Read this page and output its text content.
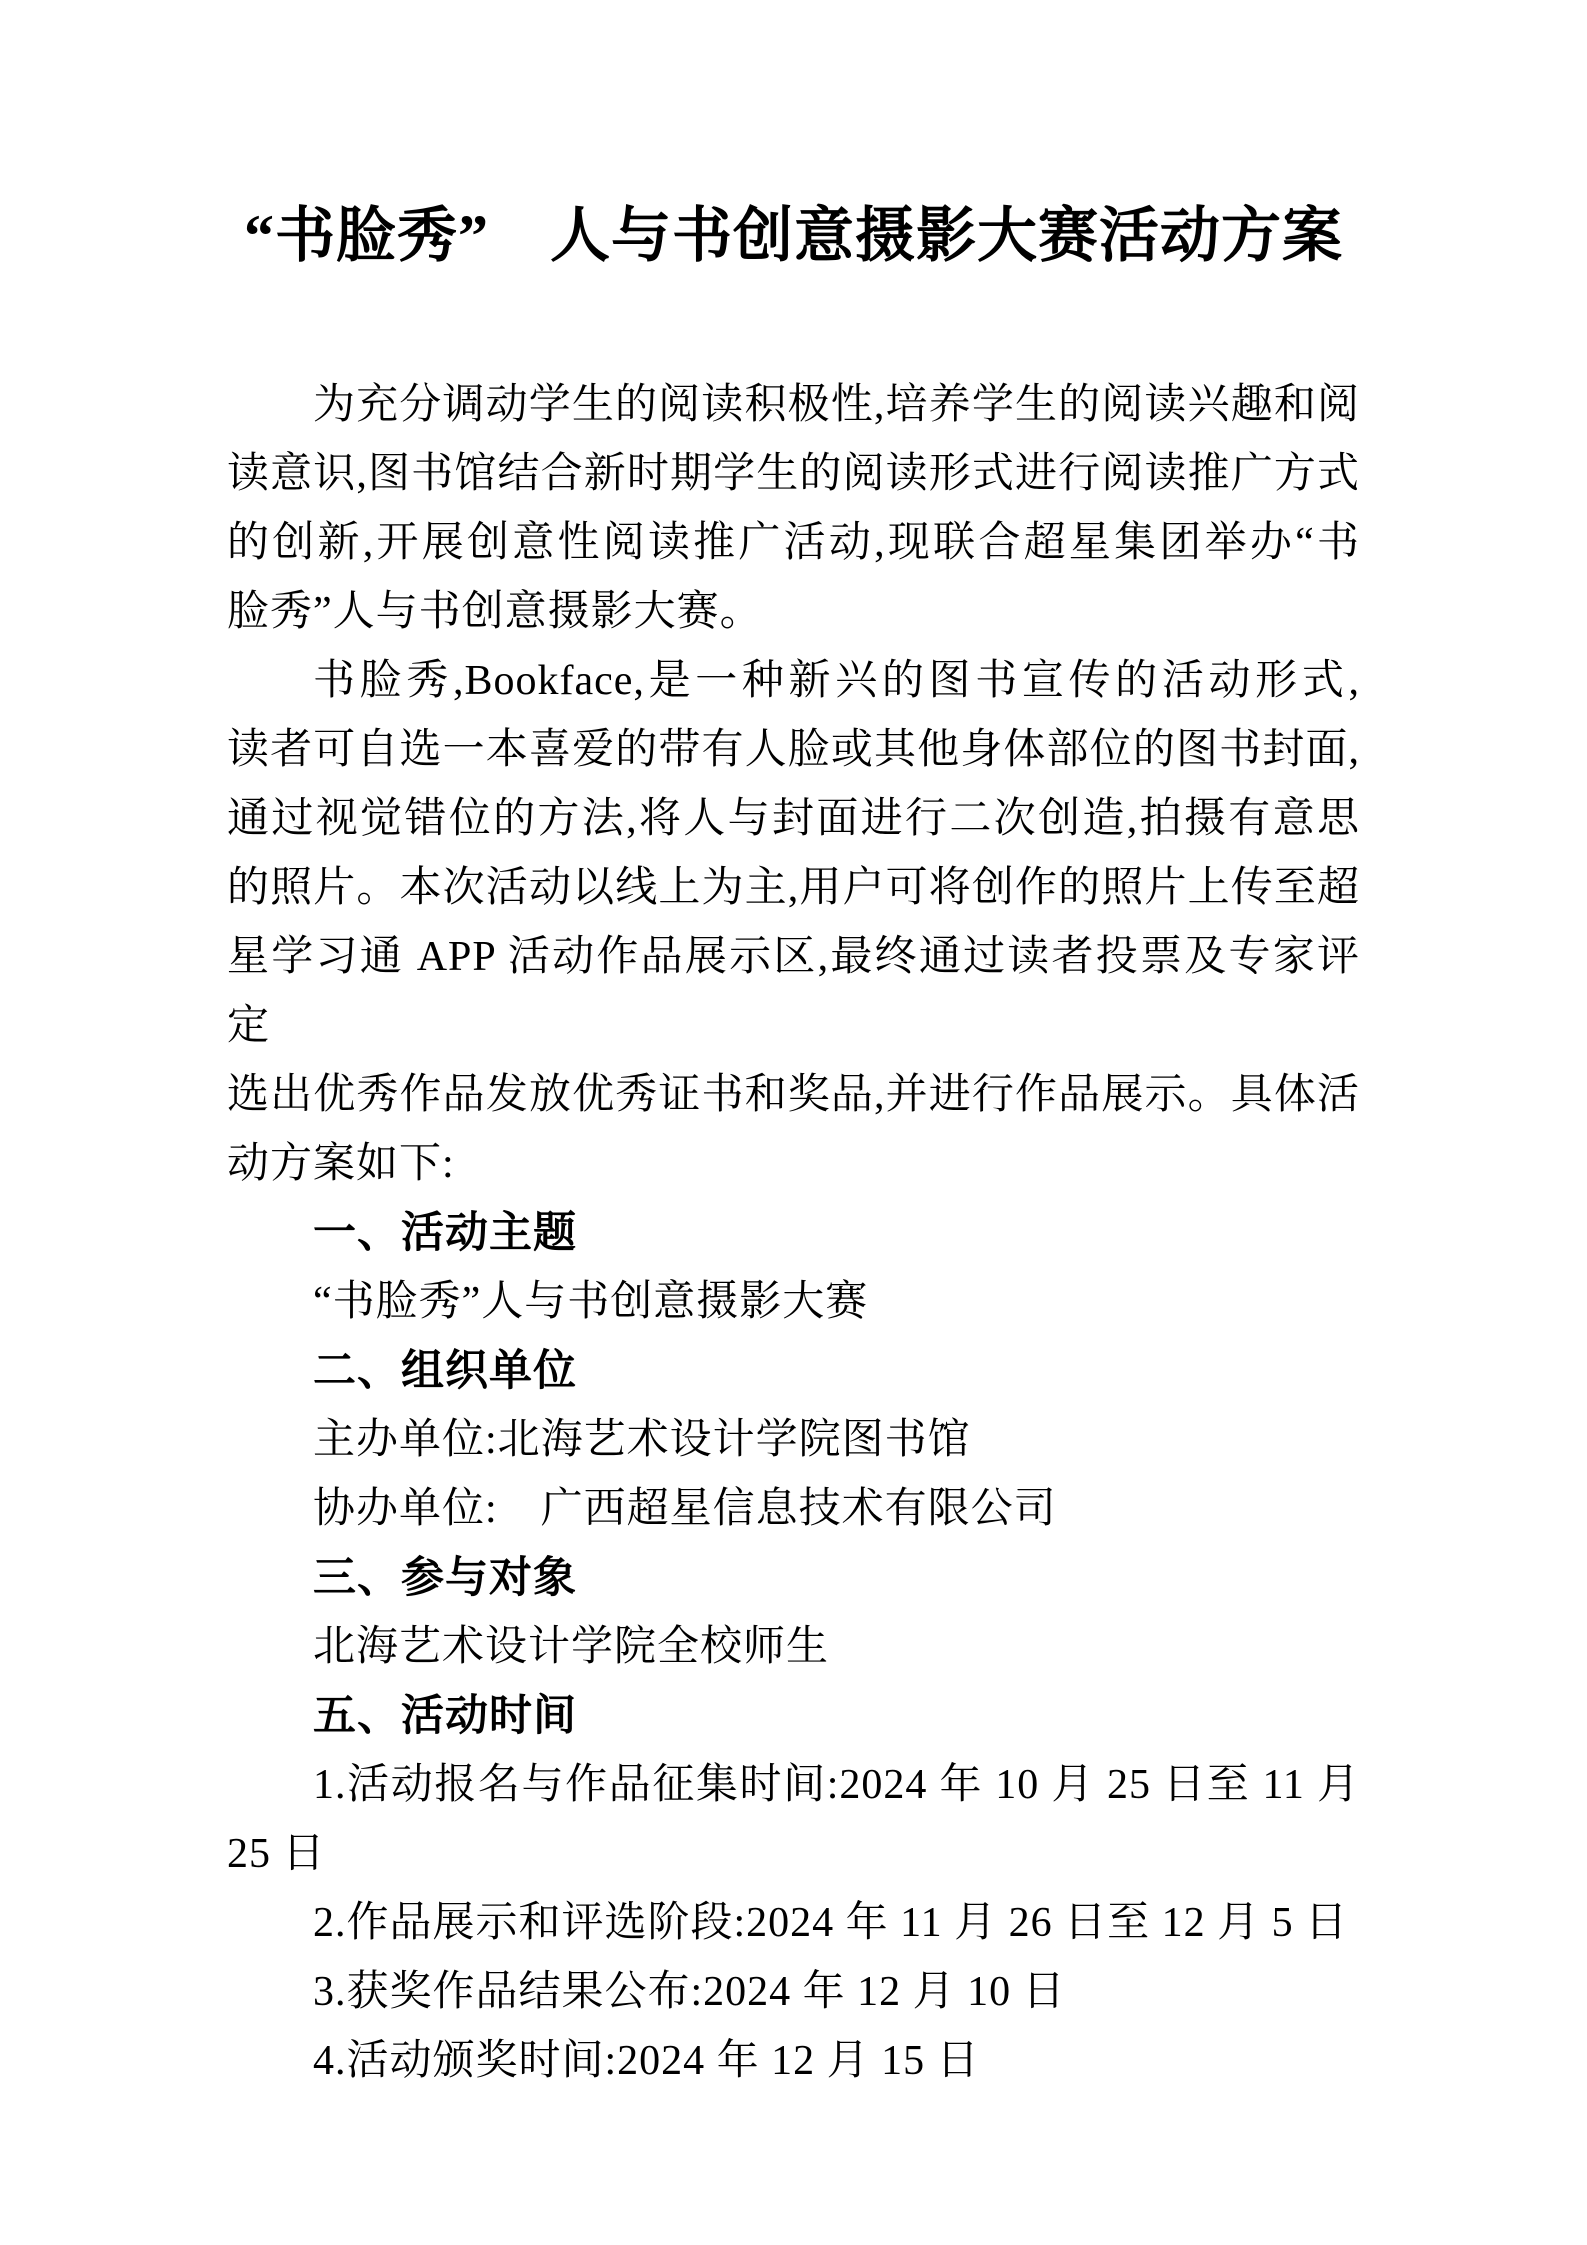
“书脸秀”　人与书创意摄影大赛活动方案
为充分调动学生的阅读积极性,培养学生的阅读兴趣和阅
读意识,图书馆结合新时期学生的阅读形式进行阅读推广方式
的创新,开展创意性阅读推广活动,现联合超星集团举办“书
脸秀”人与书创意摄影大赛。
书脸秀,Bookface,是一种新兴的图书宣传的活动形式,
读者可自选一本喜爱的带有人脸或其他身体部位的图书封面,
通过视觉错位的方法,将人与封面进行二次创造,拍摄有意思
的照片。本次活动以线上为主,用户可将创作的照片上传至超
星学习通 APP 活动作品展示区,最终通过读者投票及专家评定
选出优秀作品发放优秀证书和奖品,并进行作品展示。具体活
动方案如下:
一、活动主题
“书脸秀”人与书创意摄影大赛
二、组织单位
主办单位:北海艺术设计学院图书馆
协办单位:　广西超星信息技术有限公司
三、参与对象
北海艺术设计学院全校师生
五、活动时间
1.活动报名与作品征集时间:2024 年 10 月 25 日至 11 月
25 日
2.作品展示和评选阶段:2024 年 11 月 26 日至 12 月 5 日
3.获奖作品结果公布:2024 年 12 月 10 日
4.活动颁奖时间:2024 年 12 月 15 日
